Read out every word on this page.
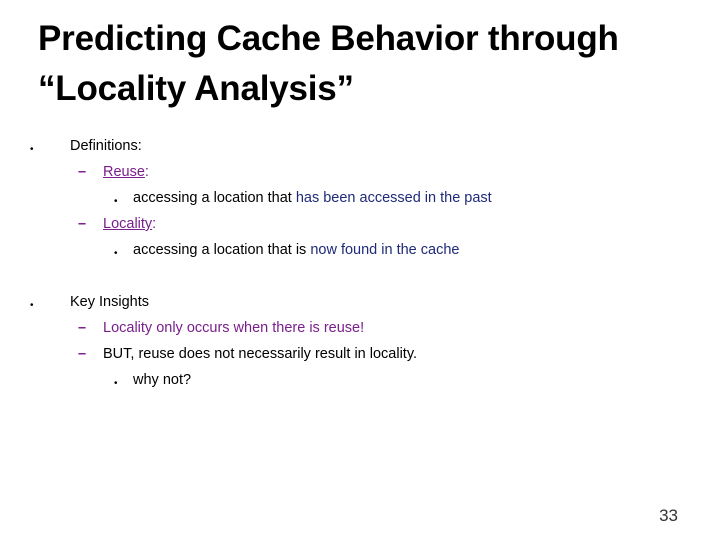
Predicting Cache Behavior through
“Locality Analysis”
•	Definitions:
– Reuse:
• accessing a location that has been accessed in the past
– Locality:
• accessing a location that is now found in the cache
•	Key Insights
– Locality only occurs when there is reuse!
– BUT, reuse does not necessarily result in locality.
• why not?
33
